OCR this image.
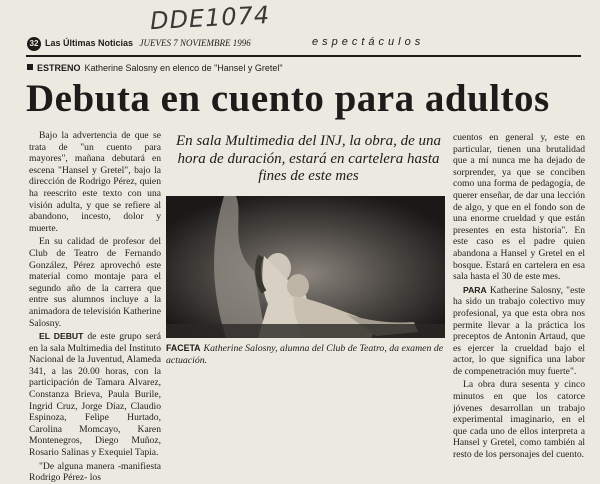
DDE1074
32 Las Últimas Noticias JUEVES 7 NOVIEMBRE 1996	espectáculos
ESTRENO Katherine Salosny en elenco de "Hansel y Gretel"
Debuta en cuento para adultos

Bajo la advertencia de que se trata de "un cuento para mayores", mañana debutará en escena "Hansel y Gretel", bajo la dirección de Rodrigo Pérez, quien ha reescrito este texto con una visión adulta, y que se refiere al abandono, incesto, dolor y muerte.

En su calidad de profesor del Club de Teatro de Fernando González, Pérez aprovechó este material como montaje para el segundo año de la carrera que entre sus alumnos incluye a la animadora de televisión Katherine Salosny.

EL DEBUT de este grupo será en la sala Multimedia del Instituto Nacional de la Juventud, Alameda 341, a las 20.00 horas, con la participación de Tamara Alvarez, Constanza Brieva, Paula Burile, Ingrid Cruz, Jorge Díaz, Claudio Espinoza, Felipe Hurtado, Carolina Momcayo, Karen Montenegros, Diego Muñoz, Rosario Salinas y Exequiel Tapia.

"De alguna manera -manifiesta Rodrigo Pérez- los

En sala Multimedia del INJ, la obra, de una hora de duración, estará en cartelera hasta fines de este mes
FACETA Katherine Salosny, alumna del Club de Teatro, da examen de actuación.

cuentos en general y, este en particular, tienen una brutalidad que a mí nunca me ha dejado de sorprender, ya que se conciben como una forma de pedagogía, de querer enseñar, de dar una lección de algo, y que en el fondo son de una enorme crueldad y que están presentes en esta historia". En este caso es el padre quien abandona a Hansel y Gretel en el bosque. Estará en cartelera en esa sala hasta el 30 de este mes.

PARA Katherine Salosny, "este ha sido un trabajo colectivo muy profesional, ya que esta obra nos permite llevar a la práctica los preceptos de Antonin Artaud, que es ejercer la crueldad bajo el actor, lo que significa una labor de compenetración muy fuerte".

La obra dura sesenta y cinco minutos en que los catorce jóvenes desarrollan un trabajo experimental imaginario, en el que cada uno de ellos interpreta a Hansel y Gretel, como también al resto de los personajes del cuento.
